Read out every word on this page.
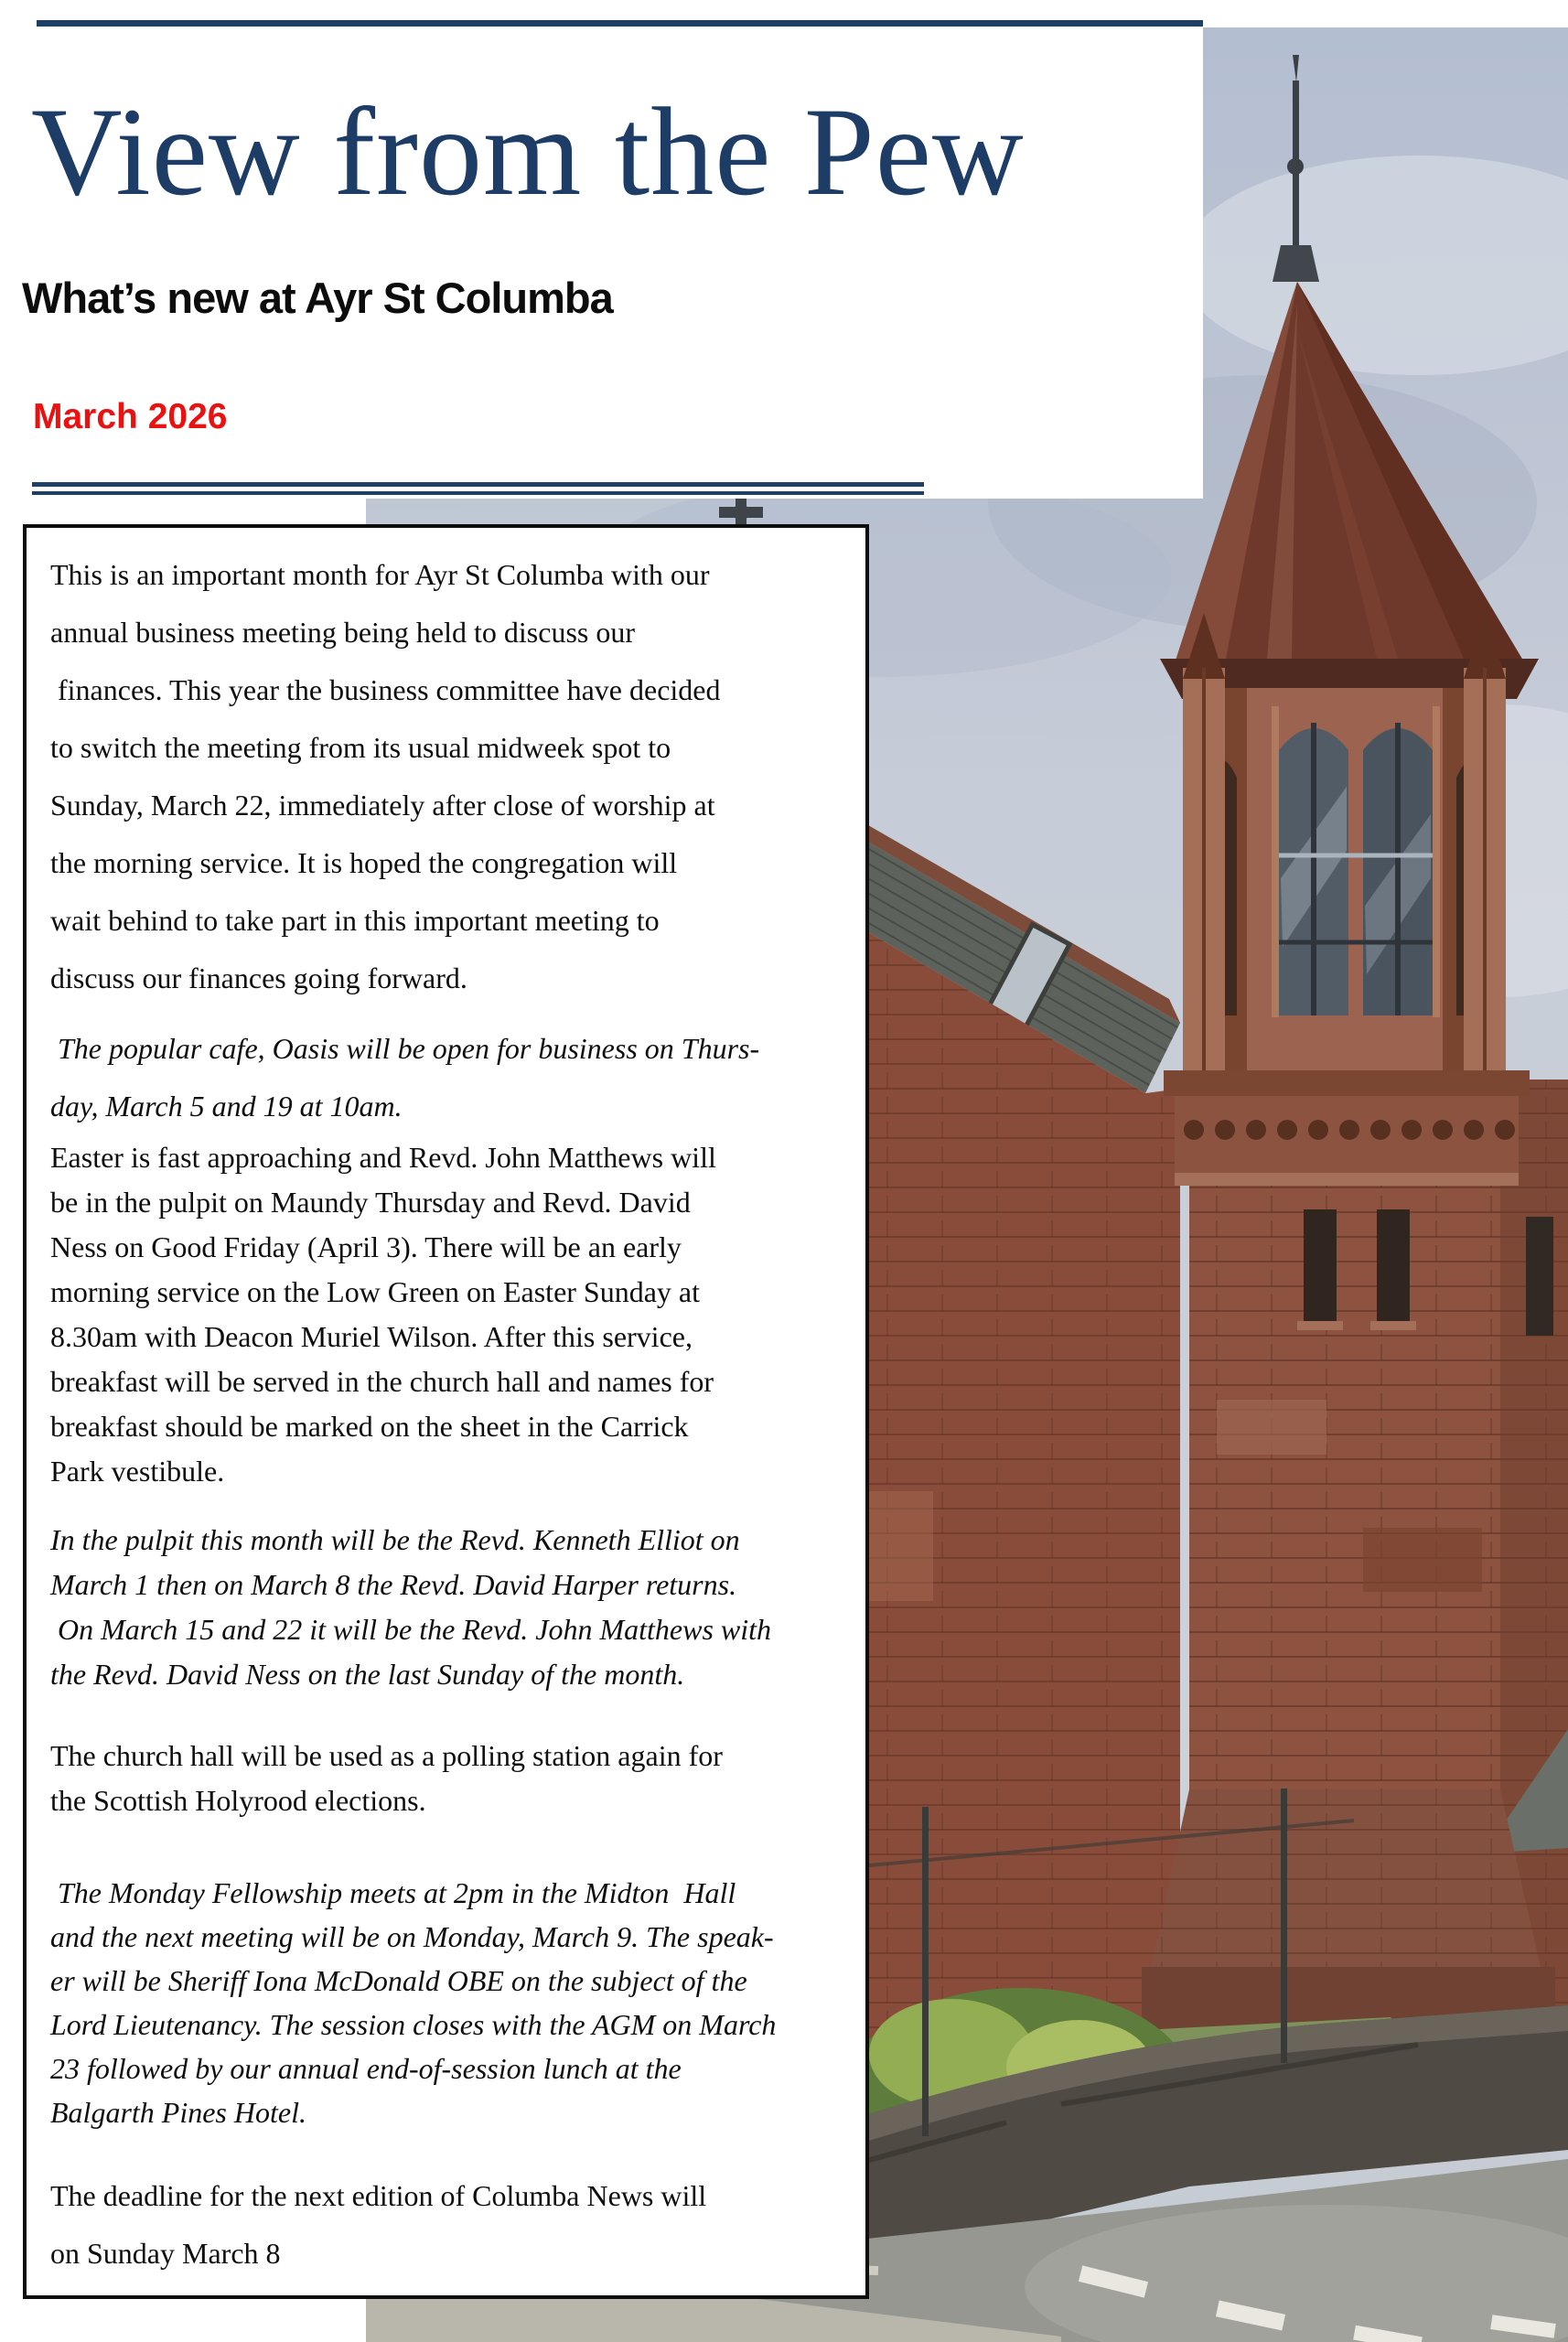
View from the Pew
What’s new at Ayr St Columba
March 2026
This is an important month for Ayr St Columba with our
annual business meeting being held to discuss our
finances. This year the business committee have decided
to switch the meeting from its usual midweek spot to
Sunday, March 22, immediately after close of worship at
the morning service. It is hoped the congregation will
wait behind to take part in this important meeting to
discuss our finances going forward.
The popular cafe, Oasis will be open for business on Thurs-
day, March 5 and 19 at 10am.
Easter is fast approaching and Revd. John Matthews will
be in the pulpit on Maundy Thursday and Revd. David
Ness on Good Friday (April 3). There will be an early
morning service on the Low Green on Easter Sunday at
8.30am with Deacon Muriel Wilson. After this service,
breakfast will be served in the church hall and names for
breakfast should be marked on the sheet in the Carrick
Park vestibule.
In the pulpit this month will be the Revd. Kenneth Elliot on
March 1 then on March 8 the Revd. David Harper returns.
On March 15 and 22 it will be the Revd. John Matthews with
the Revd. David Ness on the last Sunday of the month.
The church hall will be used as a polling station again for
the Scottish Holyrood elections.
The Monday Fellowship meets at 2pm in the Midton  Hall
and the next meeting will be on Monday, March 9. The speak-
er will be Sheriff Iona McDonald OBE on the subject of the
Lord Lieutenancy. The session closes with the AGM on March
23 followed by our annual end-of-session lunch at the
Balgarth Pines Hotel.
The deadline for the next edition of Columba News will
on Sunday March 8
